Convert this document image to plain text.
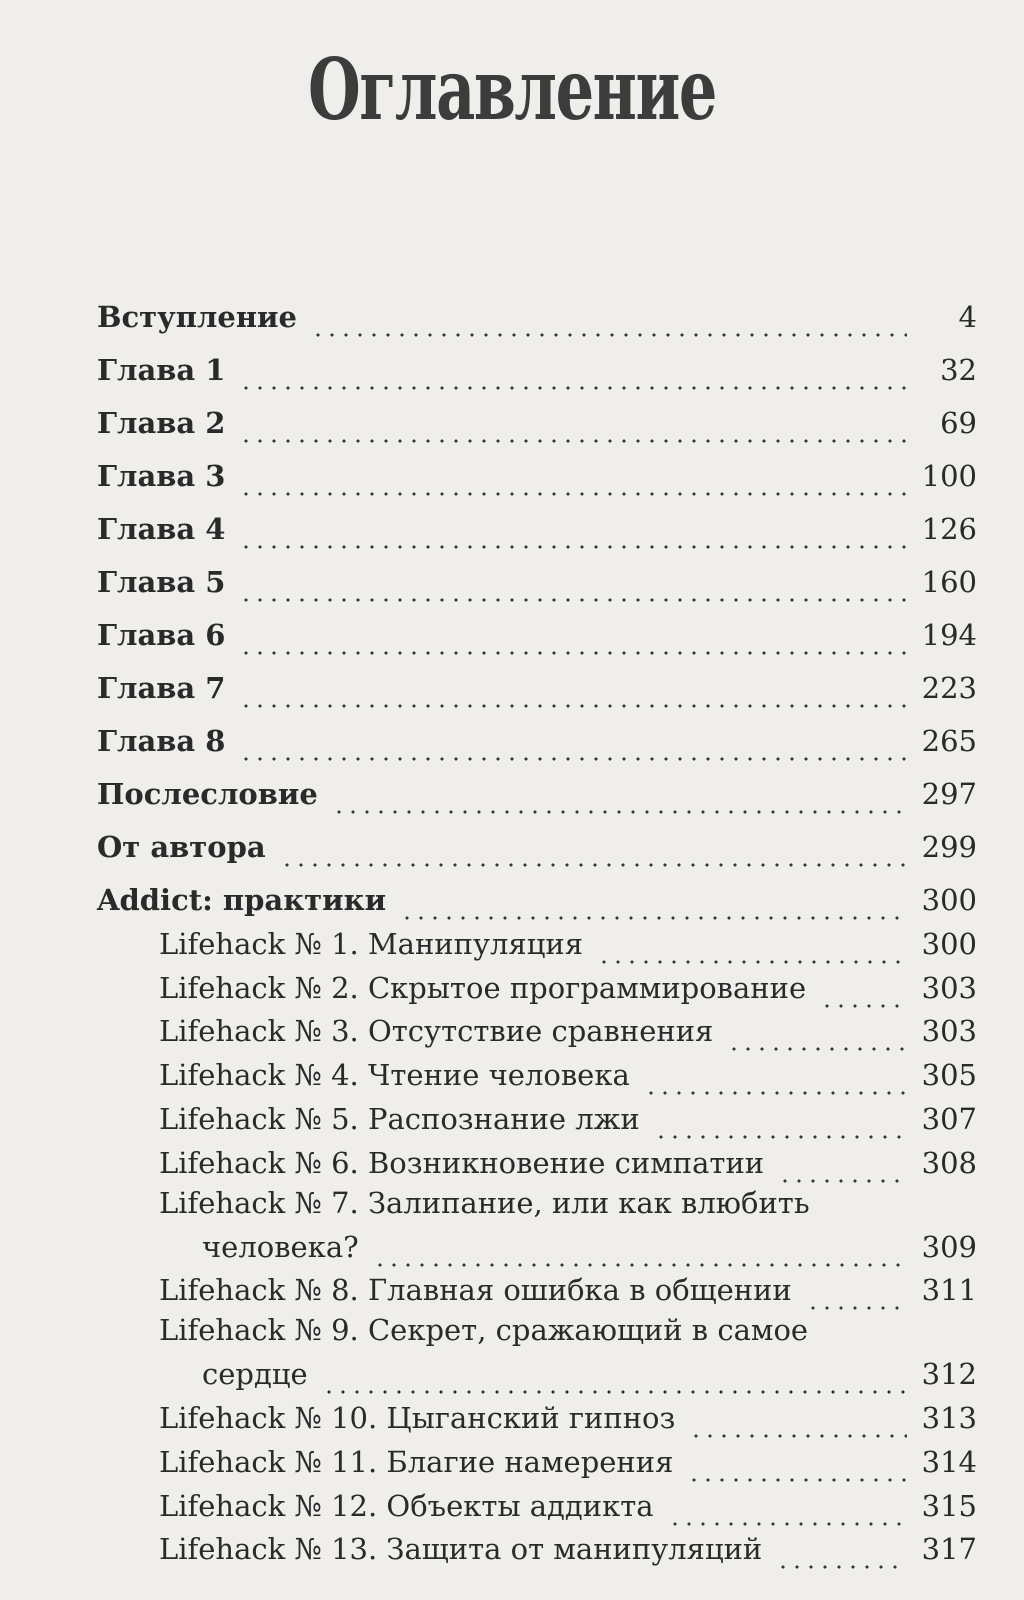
Оглавление
Вступление	4
Глава 1	32
Глава 2	69
Глава 3	100
Глава 4	126
Глава 5	160
Глава 6	194
Глава 7	223
Глава 8	265
Послесловие	297
От автора	299
Addict: практики	300
Lifehack № 1. Манипуляция	300
Lifehack № 2. Скрытое программирование	303
Lifehack № 3. Отсутствие сравнения	303
Lifehack № 4. Чтение человека	305
Lifehack № 5. Распознание лжи	307
Lifehack № 6. Возникновение симпатии	308
Lifehack № 7. Залипание, или как влюбить
человека?	309
Lifehack № 8. Главная ошибка в общении	311
Lifehack № 9. Секрет, сражающий в самое
сердце	312
Lifehack № 10. Цыганский гипноз	313
Lifehack № 11. Благие намерения	314
Lifehack № 12. Объекты аддикта	315
Lifehack № 13. Защита от манипуляций	317
